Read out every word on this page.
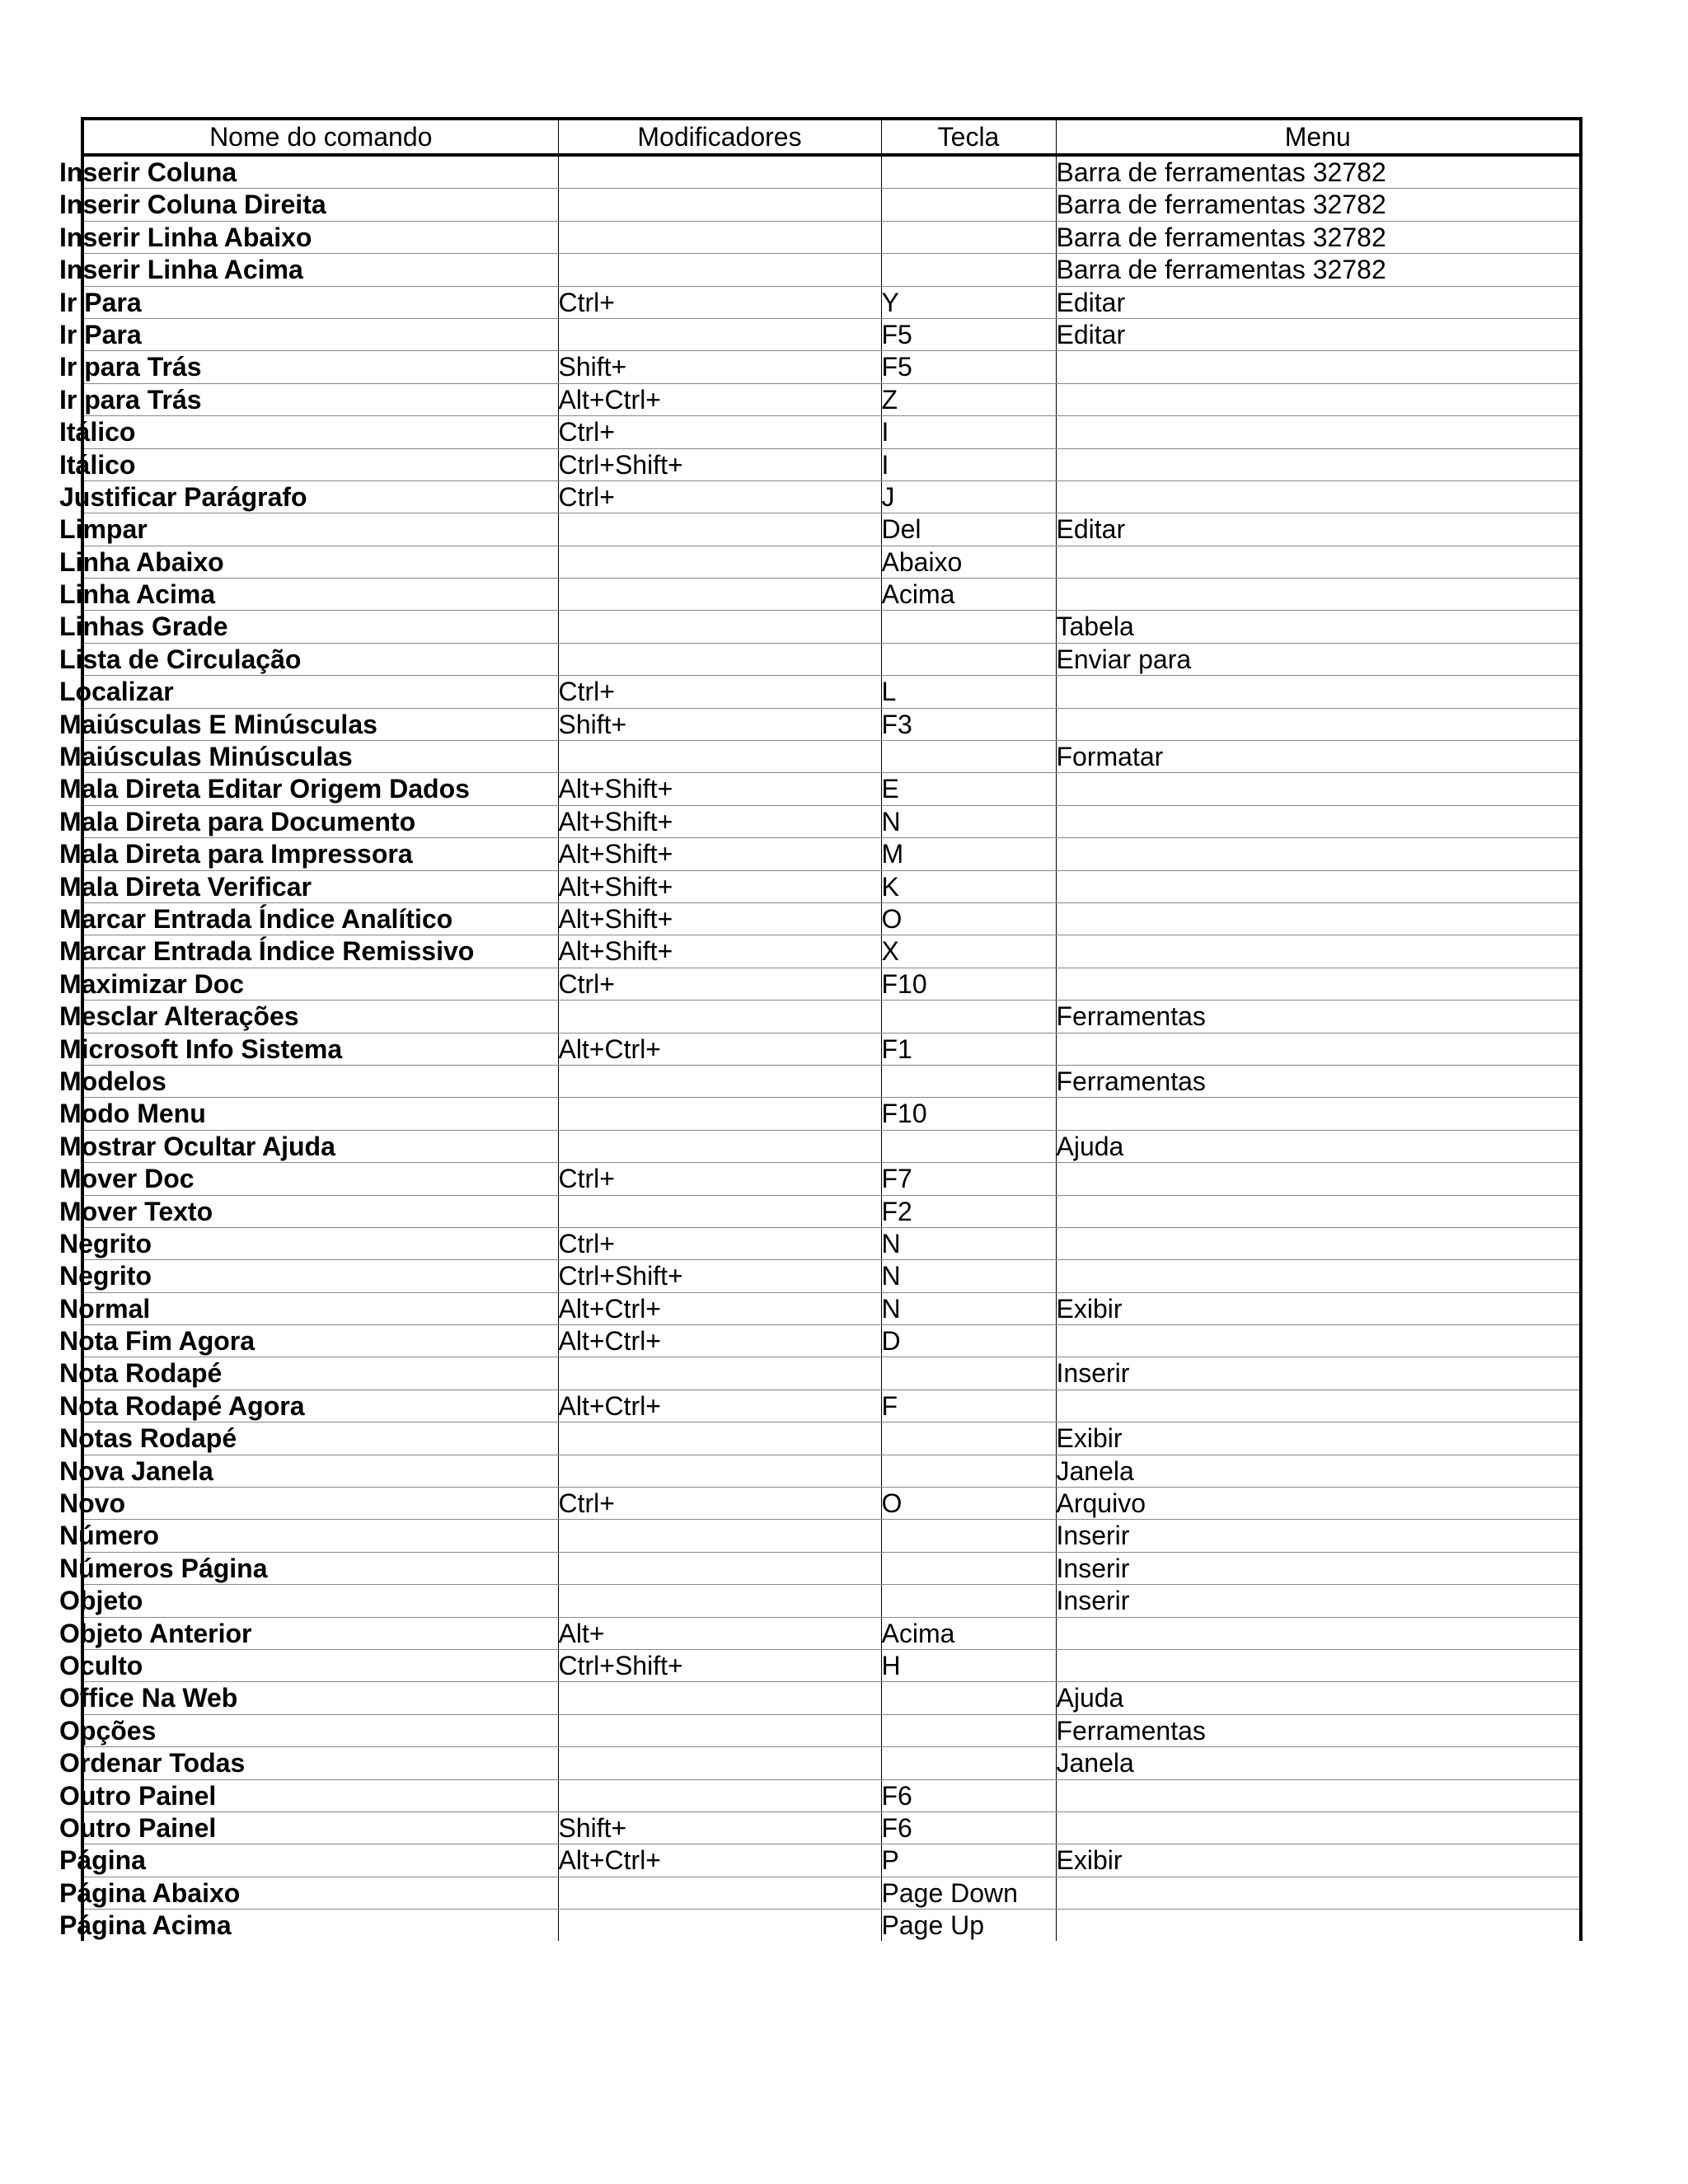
Nome do comando	Modificadores	Tecla	Menu
Inserir Coluna			Barra de ferramentas 32782
Inserir Coluna Direita			Barra de ferramentas 32782
Inserir Linha Abaixo			Barra de ferramentas 32782
Inserir Linha Acima			Barra de ferramentas 32782
Ir Para	Ctrl+	Y	Editar
Ir Para		F5	Editar
Ir para Trás	Shift+	F5	
Ir para Trás	Alt+Ctrl+	Z	
Itálico	Ctrl+	I	
Itálico	Ctrl+Shift+	I	
Justificar Parágrafo	Ctrl+	J	
Limpar		Del	Editar
Linha Abaixo		Abaixo	
Linha Acima		Acima	
Linhas Grade			Tabela
Lista de Circulação			Enviar para
Localizar	Ctrl+	L	
Maiúsculas E Minúsculas	Shift+	F3	
Maiúsculas Minúsculas			Formatar
Mala Direta Editar Origem Dados	Alt+Shift+	E	
Mala Direta para Documento	Alt+Shift+	N	
Mala Direta para Impressora	Alt+Shift+	M	
Mala Direta Verificar	Alt+Shift+	K	
Marcar Entrada Índice Analítico	Alt+Shift+	O	
Marcar Entrada Índice Remissivo	Alt+Shift+	X	
Maximizar Doc	Ctrl+	F10	
Mesclar Alterações			Ferramentas
Microsoft Info Sistema	Alt+Ctrl+	F1	
Modelos			Ferramentas
Modo Menu		F10	
Mostrar Ocultar Ajuda			Ajuda
Mover Doc	Ctrl+	F7	
Mover Texto		F2	
Negrito	Ctrl+	N	
Negrito	Ctrl+Shift+	N	
Normal	Alt+Ctrl+	N	Exibir
Nota Fim Agora	Alt+Ctrl+	D	
Nota Rodapé			Inserir
Nota Rodapé Agora	Alt+Ctrl+	F	
Notas Rodapé			Exibir
Nova Janela			Janela
Novo	Ctrl+	O	Arquivo
Número			Inserir
Números Página			Inserir
Objeto			Inserir
Objeto Anterior	Alt+	Acima	
Oculto	Ctrl+Shift+	H	
Office Na Web			Ajuda
Opções			Ferramentas
Ordenar Todas			Janela
Outro Painel		F6	
Outro Painel	Shift+	F6	
Página	Alt+Ctrl+	P	Exibir
Página Abaixo		Page Down	
Página Acima		Page Up	
